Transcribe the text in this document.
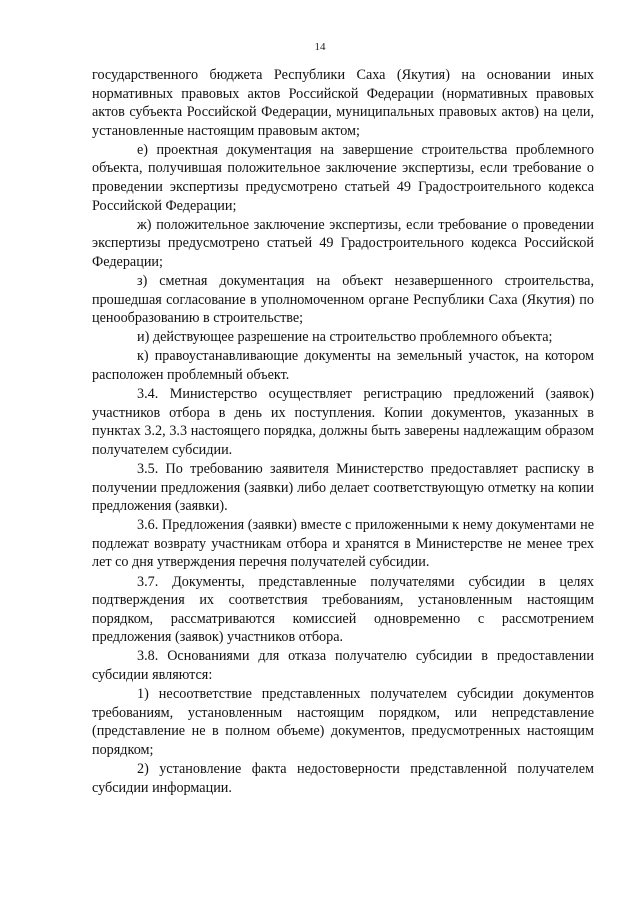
14

государственного бюджета Республики Саха (Якутия) на основании иных нормативных правовых актов Российской Федерации (нормативных правовых актов субъекта Российской Федерации, муниципальных правовых актов) на цели, установленные настоящим правовым актом;

е) проектная документация на завершение строительства проблемного объекта, получившая положительное заключение экспертизы, если требование о проведении экспертизы предусмотрено статьей 49 Градостроительного кодекса Российской Федерации;

ж) положительное заключение экспертизы, если требование о проведении экспертизы предусмотрено статьей 49 Градостроительного кодекса Российской Федерации;

з) сметная документация на объект незавершенного строительства, прошедшая согласование в уполномоченном органе Республики Саха (Якутия) по ценообразованию в строительстве;

и) действующее разрешение на строительство проблемного объекта;

к) правоустанавливающие документы на земельный участок, на котором расположен проблемный объект.

3.4. Министерство осуществляет регистрацию предложений (заявок) участников отбора в день их поступления. Копии документов, указанных в пунктах 3.2, 3.3 настоящего порядка, должны быть заверены надлежащим образом получателем субсидии.

3.5. По требованию заявителя Министерство предоставляет расписку в получении предложения (заявки) либо делает соответствующую отметку на копии предложения (заявки).

3.6. Предложения (заявки) вместе с приложенными к нему документами не подлежат возврату участникам отбора и хранятся в Министерстве не менее трех лет со дня утверждения перечня получателей субсидии.

3.7. Документы, представленные получателями субсидии в целях подтверждения их соответствия требованиям, установленным настоящим порядком, рассматриваются комиссией одновременно с рассмотрением предложения (заявок) участников отбора.

3.8. Основаниями для отказа получателю субсидии в предоставлении субсидии являются:

1) несоответствие представленных получателем субсидии документов требованиям, установленным настоящим порядком, или непредставление (представление не в полном объеме) документов, предусмотренных настоящим порядком;

2) установление факта недостоверности представленной получателем субсидии информации.
